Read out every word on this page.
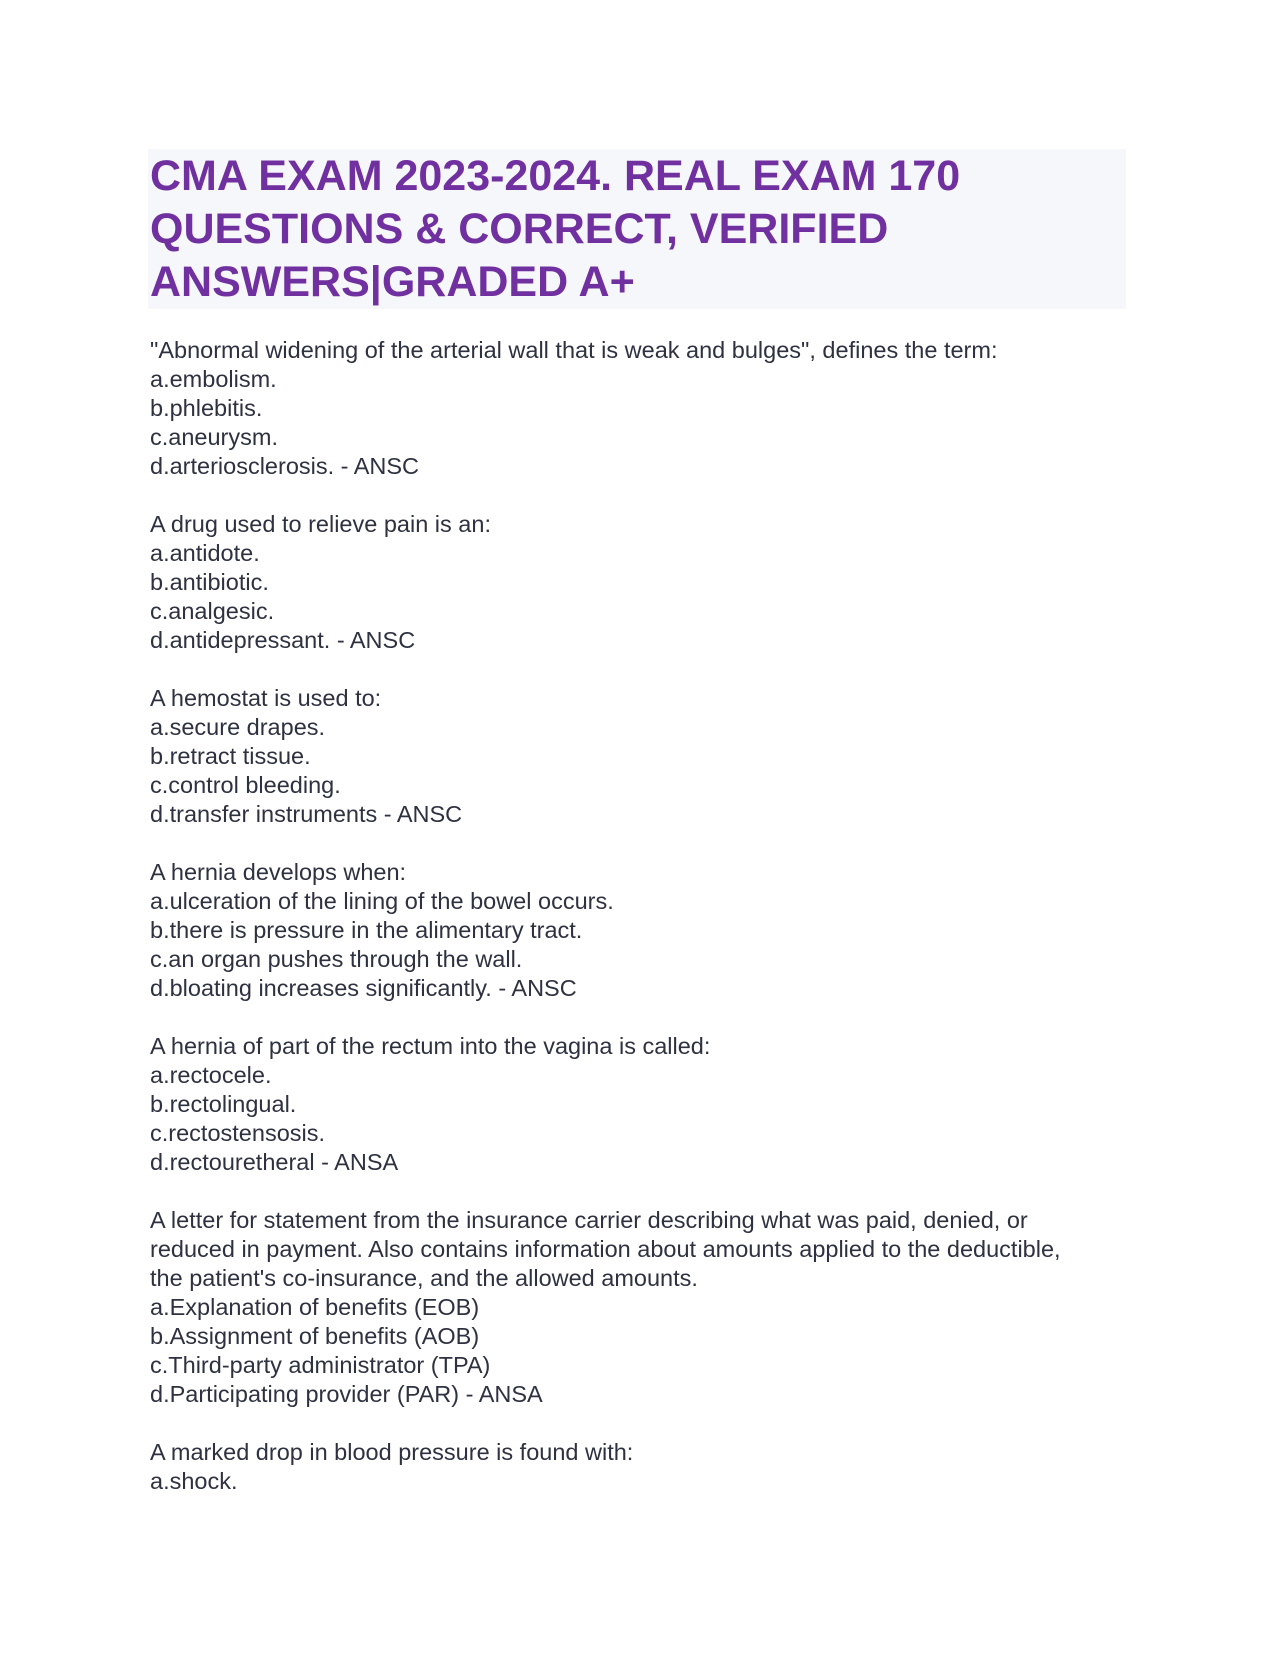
CMA EXAM 2023-2024. REAL EXAM 170
QUESTIONS & CORRECT, VERIFIED
ANSWERS|GRADED A+
"Abnormal widening of the arterial wall that is weak and bulges", defines the term:
a.embolism.
b.phlebitis.
c.aneurysm.
d.arteriosclerosis. - ANSC
A drug used to relieve pain is an:
a.antidote.
b.antibiotic.
c.analgesic.
d.antidepressant. - ANSC
A hemostat is used to:
a.secure drapes.
b.retract tissue.
c.control bleeding.
d.transfer instruments - ANSC
A hernia develops when:
a.ulceration of the lining of the bowel occurs.
b.there is pressure in the alimentary tract.
c.an organ pushes through the wall.
d.bloating increases significantly. - ANSC
A hernia of part of the rectum into the vagina is called:
a.rectocele.
b.rectolingual.
c.rectostensosis.
d.rectouretheral - ANSA
A letter for statement from the insurance carrier describing what was paid, denied, or
reduced in payment. Also contains information about amounts applied to the deductible,
the patient's co-insurance, and the allowed amounts.
a.Explanation of benefits (EOB)
b.Assignment of benefits (AOB)
c.Third-party administrator (TPA)
d.Participating provider (PAR) - ANSA
A marked drop in blood pressure is found with:
a.shock.
